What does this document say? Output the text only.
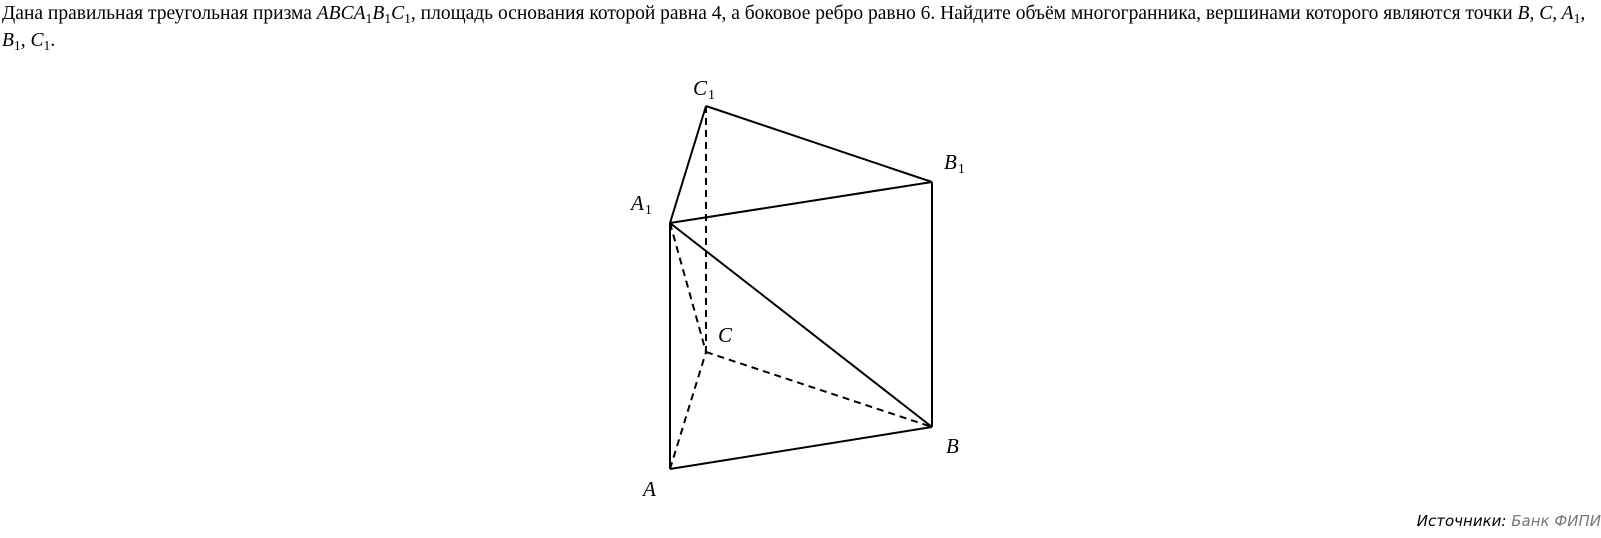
Дана правильная треугольная призма $ABCA_1B_1C_1$, площадь основания которой равна 4, а боковое ребро равно 6. Найдите объём многогранника, вершинами которого являются точки B, C, $A_1$, $B_1$, $C_1$.
C1
B1
A1
C
B
A
Источники: Банк ФИПИ
